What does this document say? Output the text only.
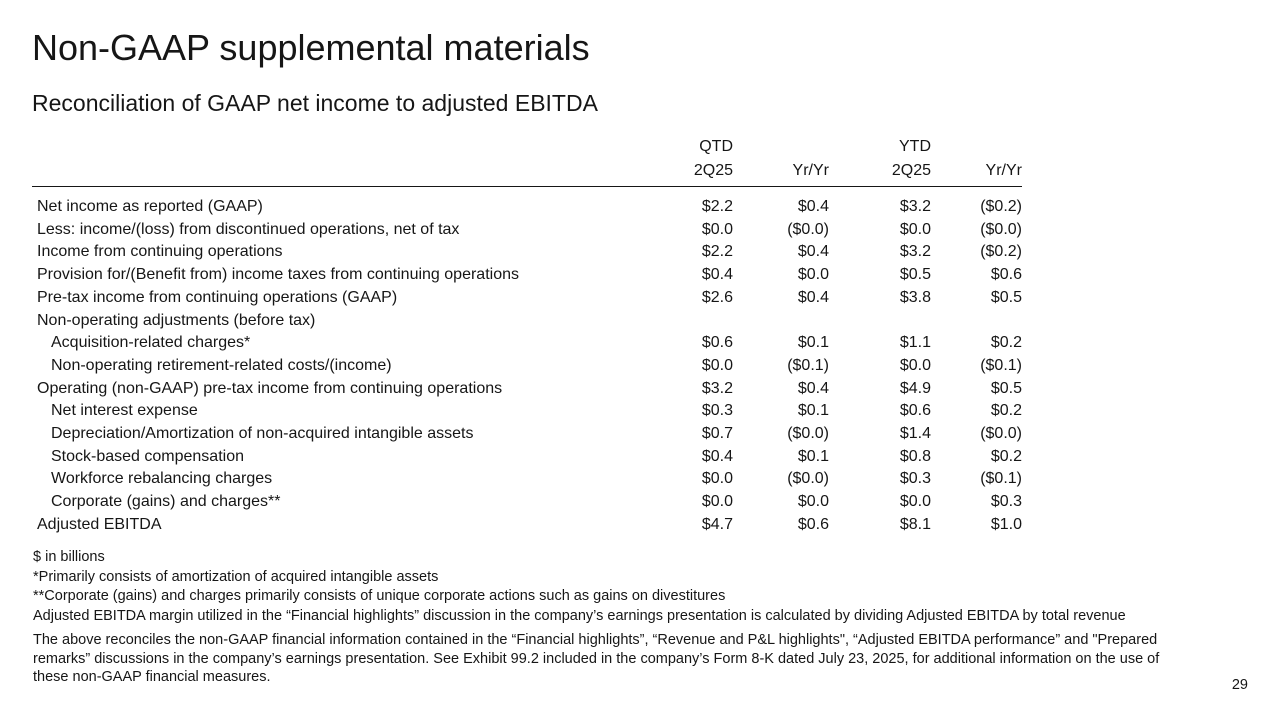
Non-GAAP supplemental materials
Reconciliation of GAAP net income to adjusted EBITDA
	QTD		YTD	
	2Q25	Yr/Yr	2Q25	Yr/Yr

Net income as reported (GAAP)	$2.2	$0.4	$3.2	($0.2)
Less: income/(loss) from discontinued operations, net of tax	$0.0	($0.0)	$0.0	($0.0)
Income from continuing operations	$2.2	$0.4	$3.2	($0.2)
Provision for/(Benefit from) income taxes from continuing operations	$0.4	$0.0	$0.5	$0.6
Pre-tax income from continuing operations (GAAP)	$2.6	$0.4	$3.8	$0.5
Non-operating adjustments (before tax)				
Acquisition-related charges*	$0.6	$0.1	$1.1	$0.2
Non-operating retirement-related costs/(income)	$0.0	($0.1)	$0.0	($0.1)
Operating (non-GAAP) pre-tax income from continuing operations	$3.2	$0.4	$4.9	$0.5
Net interest expense	$0.3	$0.1	$0.6	$0.2
Depreciation/Amortization of non-acquired intangible assets	$0.7	($0.0)	$1.4	($0.0)
Stock-based compensation	$0.4	$0.1	$0.8	$0.2
Workforce rebalancing charges	$0.0	($0.0)	$0.3	($0.1)
Corporate (gains) and charges**	$0.0	$0.0	$0.0	$0.3
Adjusted EBITDA	$4.7	$0.6	$8.1	$1.0
$ in billions
*Primarily consists of amortization of acquired intangible assets
**Corporate (gains) and charges primarily consists of unique corporate actions such as gains on divestitures
Adjusted EBITDA margin utilized in the “Financial highlights” discussion in the company’s earnings presentation is calculated by dividing Adjusted EBITDA by total revenue
The above reconciles the non-GAAP financial information contained in the “Financial highlights”, “Revenue and P&L highlights", “Adjusted EBITDA performance” and "Prepared remarks” discussions in the company’s earnings presentation. See Exhibit 99.2 included in the company’s Form 8-K dated July 23, 2025, for additional information on the use of these non-GAAP financial measures.	29
